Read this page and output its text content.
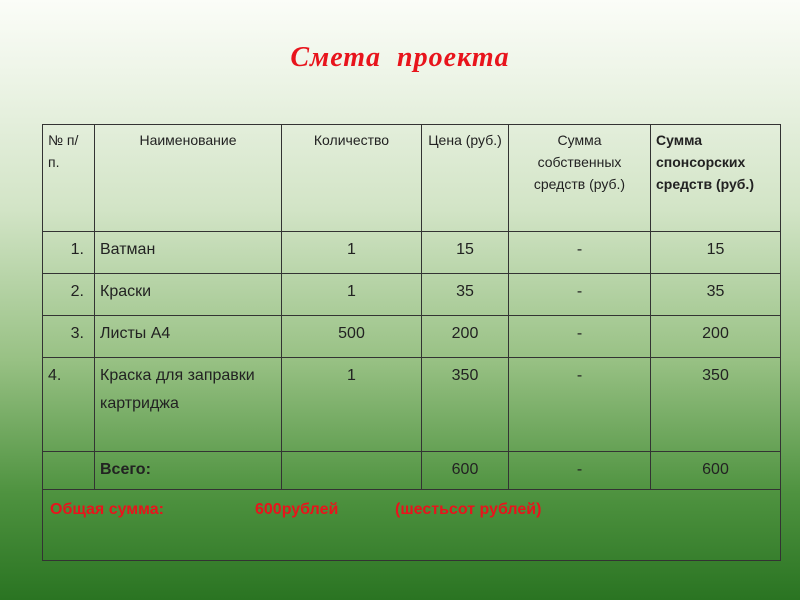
Смета проекта
№ п/п.	Наименование	Количество	Цена (руб.)	Сумма собственных средств (руб.)	Сумма спонсорских средств (руб.)
1.	Ватман	1	15	-	15
2.	Краски	1	35	-	35
3.	Листы А4	500	200	-	200
4.	Краска для заправки картриджа	1	350	-	350
	Всего:		600	-	600
Общая сумма: 600рублей (шестьсот рублей)					
